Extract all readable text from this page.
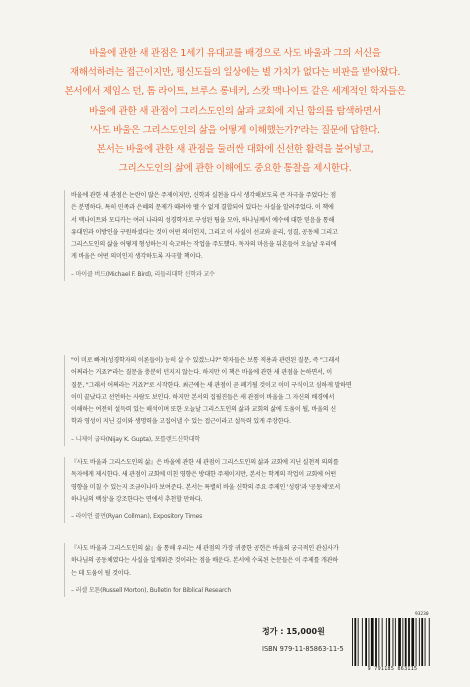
바울에 관한 새 관점은 1세기 유대교를 배경으로 사도 바울과 그의 서신을
재해석하려는 접근이지만, 평신도들의 일상에는 별 가치가 없다는 비판을 받아왔다.
본서에서 제임스 던, 톰 라이트, 브루스 롱네커, 스캇 맥나이트 같은 세계적인 학자들은
바울에 관한 새 관점이 그리스도인의 삶과 교회에 지닌 함의를 탐색하면서
'사도 바울은 그리스도인의 삶을 어떻게 이해했는가?'라는 질문에 답한다.
본서는 바울에 관한 새 관점을 둘러싼 대화에 신선한 활력을 불어넣고,
그리스도인의 삶에 관한 이해에도 중요한 통찰을 제시한다.
바울에 관한 새 관점은 논란이 많은 주제이지만, 신학과 실천을 다시 생각해보도록 큰 자극을 주었다는 점
은 분명하다. 특히 민족과 은혜의 문제가 때려야 뗄 수 없게 결합되어 있다는 사실을 알려주었다. 이 책에
서 맥나이트와 모디카는 여러 나라의 성경학자로 구성된 팀을 모아, 하나님께서 예수에 대한 믿음을 통해
유대인과 이방인을 구원하셨다는 것이 어떤 의미인지, 그리고 이 사실이 선교와 윤리, 성결, 공동체 그리고
그리스도인의 삶을 어떻게 형성하는지 숙고하는 작업을 주도했다. 독자의 마음을 뒤흔들어 오늘날 우리에
게 바울은 어떤 의미인지 생각하도록 자극할 책이다.
– 마이클 버드(Michael F. Bird), 리들리대학 신학과 교수
"이 미로 빠져(성경학자의 이론들이) 능히 살 수 있겠느냐?" 학자들은 보통 적용과 관련된 질문, 즉 "그래서
어쩌라는 거죠?"라는 질문을 충분히 던지지 않는다. 하지만 이 책은 바울에 관한 새 관점을 논하면서, 이
질문, "그래서 어쩌라는 거죠?"로 시작한다. 최근에는 새 관점이 곧 폐기될 것이고 이미 구식이고 심하게 말하면
이미 끝났다고 선언하는 사람도 보인다. 하지만 본서의 집필진들은 새 관점이 바울을 그 자신의 배경에서
이해하는 여전히 설득력 있는 해석이며 또한 오늘날 그리스도인의 삶과 교회의 삶에 도움이 될, 바울의 신
학과 영성이 지닌 깊이와 생명력을 고집어낼 수 있는 접근이라고 설득력 있게 주장한다.
– 니제이 굽타(Nijay K. Gupta), 포틀랜드신학대학
『사도 바울과 그리스도인의 삶』은 바울에 관한 새 관점이 그리스도인의 삶과 교회에 지닌 실천적 의의를
독자에게 제시한다. 새 관점이 교회에 미친 영향은 방대한 주제이지만, 본서는 학계의 작업이 교회에 어떤
영향을 미칠 수 있는지 조금이나마 보여준다. 본서는 특별히 바울 신학의 주요 주제인 '성령'과 '공동체'로서
하나님의 백성'을 강조한다는 면에서 추천할 만하다.
– 라이언 콜먼(Ryan Collman), Expository Times
『사도 바울과 그리스도인의 삶』을 통해 우리는 새 관점의 가장 귀중한 공헌은 바울의 궁극적인 관심사가
하나님의 공동체였다는 사실을 일깨워준 것이라는 점을 배운다. 본서에 수록된 논문들은 이 주제를 개관하
는 데 도움이 될 것이다.
– 러셀 모튼(Russell Morton), Bulletin for Biblical Research
정가 : 15,000원
ISBN 979-11-85863-11-5
93230
9 791185 863115
